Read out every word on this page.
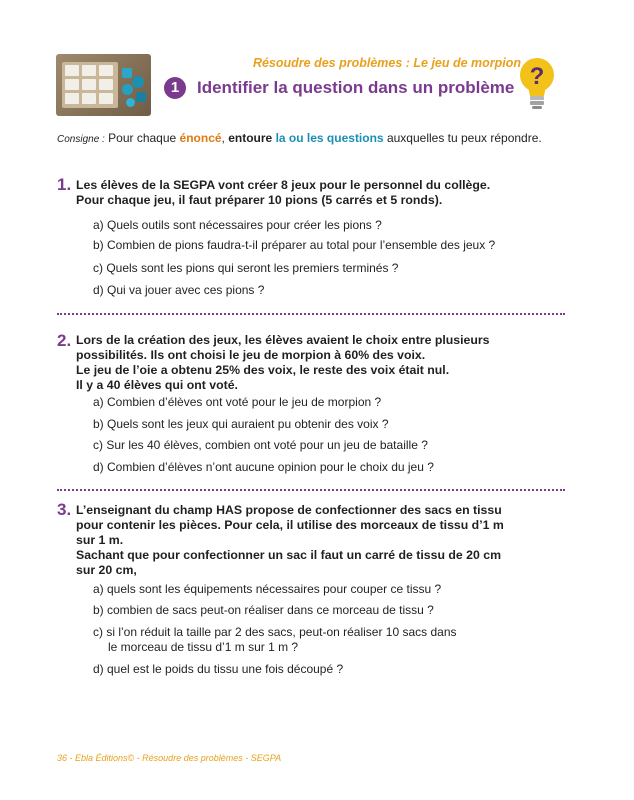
Résoudre des problèmes : Le jeu de morpion
1	Identifier la question dans un problème ?
Consigne : Pour chaque énoncé, entoure la ou les questions auxquelles tu peux répondre.
1. Les élèves de la SEGPA vont créer 8 jeux pour le personnel du collège.
Pour chaque jeu, il faut préparer 10 pions (5 carrés et 5 ronds).
a) Quels outils sont nécessaires pour créer les pions ?
b) Combien de pions faudra-t-il préparer au total pour l’ensemble des jeux ?
c) Quels sont les pions qui seront les premiers terminés ?
d) Qui va jouer avec ces pions ?
2. Lors de la création des jeux, les élèves avaient le choix entre plusieurs
possibilités. Ils ont choisi le jeu de morpion à 60% des voix.
Le jeu de l’oie a obtenu 25% des voix, le reste des voix était nul.
Il y a 40 élèves qui ont voté.
a) Combien d’élèves ont voté pour le jeu de morpion ?
b) Quels sont les jeux qui auraient pu obtenir des voix ?
c) Sur les 40 élèves, combien ont voté pour un jeu de bataille ?
d) Combien d’élèves n’ont aucune opinion pour le choix du jeu ?
3. L’enseignant du champ HAS propose de confectionner des sacs en tissu
pour contenir les pièces. Pour cela, il utilise des morceaux de tissu d’1 m
sur 1 m.
Sachant que pour confectionner un sac il faut un carré de tissu de 20 cm
sur 20 cm,
a) quels sont les équipements nécessaires pour couper ce tissu ?
b) combien de sacs peut-on réaliser dans ce morceau de tissu ?
c) si l’on réduit la taille par 2 des sacs, peut-on réaliser 10 sacs dans
le morceau de tissu d’1 m sur 1 m ?
d) quel est le poids du tissu une fois découpé ?
36 - Ebla Éditions© - Résoudre des problèmes - SEGPA
